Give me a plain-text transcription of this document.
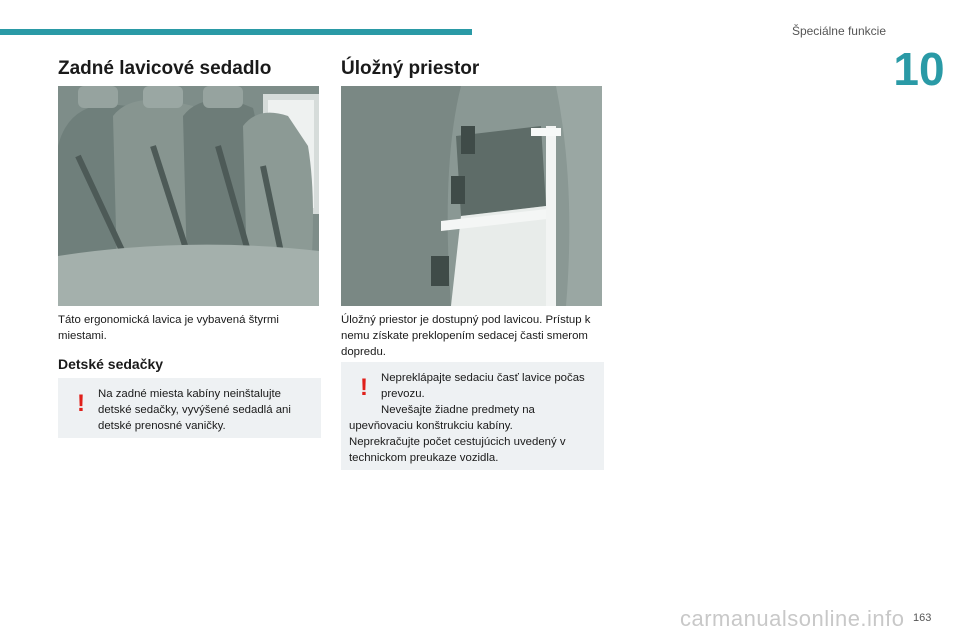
Špeciálne funkcie
10
Zadné lavicové sedadlo

Táto ergonomická lavica je vybavená štyrmi miestami.

Detské sedačky
!	Na zadné miesta kabíny neinštalujte detské sedačky, vyvýšené sedadlá ani detské prenosné vaničky.

Úložný priestor

Úložný priestor je dostupný pod lavicou. Prístup k nemu získate preklopením sedacej časti smerom dopredu.

!	Nepreklápajte sedaciu časť lavice počas prevozu.

Nevešajte žiadne predmety na upevňovaciu konštrukciu kabíny.

Neprekračujte počet cestujúcich uvedený v technickom preukaze vozidla.

carmanualsonline.info 163
